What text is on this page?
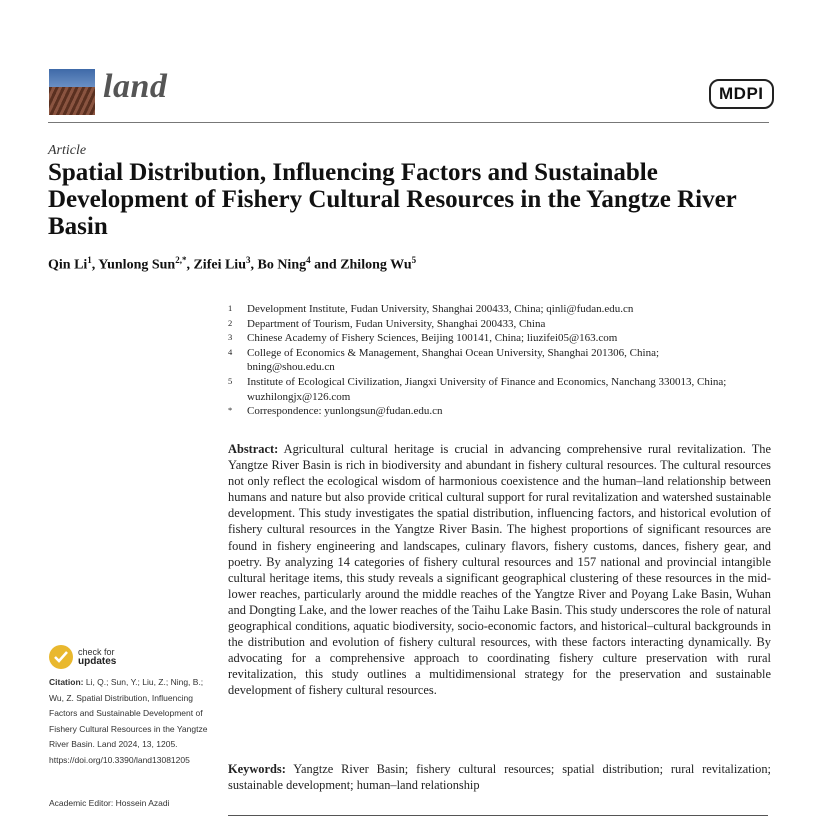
land	MDPI
Article
Spatial Distribution, Influencing Factors and Sustainable Development of Fishery Cultural Resources in the Yangtze River Basin
Qin Li$^1$, Yunlong Sun$^{2,*}$, Zifei Liu$^3$, Bo Ning$^4$ and Zhilong Wu$^5$
1 Development Institute, Fudan University, Shanghai 200433, China; qinli@fudan.edu.cn
2 Department of Tourism, Fudan University, Shanghai 200433, China
3 Chinese Academy of Fishery Sciences, Beijing 100141, China; liuzifei05@163.com
4 College of Economics & Management, Shanghai Ocean University, Shanghai 201306, China;
bning@shou.edu.cn
5 Institute of Ecological Civilization, Jiangxi University of Finance and Economics, Nanchang 330013, China;
wuzhilongjx@126.com
* Correspondence: yunlongsun@fudan.edu.cn

Abstract: Agricultural cultural heritage is crucial in advancing comprehensive rural revitalization. The Yangtze River Basin is rich in biodiversity and abundant in fishery cultural resources. The cultural resources not only reflect the ecological wisdom of harmonious coexistence and the human–land relationship between humans and nature but also provide critical cultural support for rural revitalization and watershed sustainable development. This study investigates the spatial distribution, influencing factors, and historical evolution of fishery cultural resources in the Yangtze River Basin. The highest proportions of significant resources are found in fishery engineering and landscapes, culinary flavors, fishery customs, dances, fishery gear, and poetry. By analyzing 14 categories of fishery cultural resources and 157 national and provincial intangible cultural heritage items, this study reveals a significant geographical clustering of these resources in the mid-lower reaches, particularly around the middle reaches of the Yangtze River and Poyang Lake Basin, Wuhan and Dongting Lake, and the lower reaches of the Taihu Lake Basin. This study underscores the role of natural geographical conditions, aquatic biodiversity, socio-economic factors, and historical–cultural backgrounds in the distribution and evolution of fishery cultural resources, with these factors interacting dynamically. By advocating for a comprehensive approach to coordinating fishery culture preservation with rural revitalization, this study outlines a multidimensional strategy for the preservation and sustainable development of fishery cultural resources.

Keywords: Yangtze River Basin; fishery cultural resources; spatial distribution; rural revitalization; sustainable development; human–land relationship

check for
updates
Citation: Li, Q.; Sun, Y.; Liu, Z.; Ning, B.; Wu, Z. Spatial Distribution, Influencing Factors and Sustainable Development of Fishery Cultural Resources in the Yangtze River Basin. Land 2024, 13, 1205. https://doi.org/10.3390/land13081205
Academic Editor: Hossein Azadi
